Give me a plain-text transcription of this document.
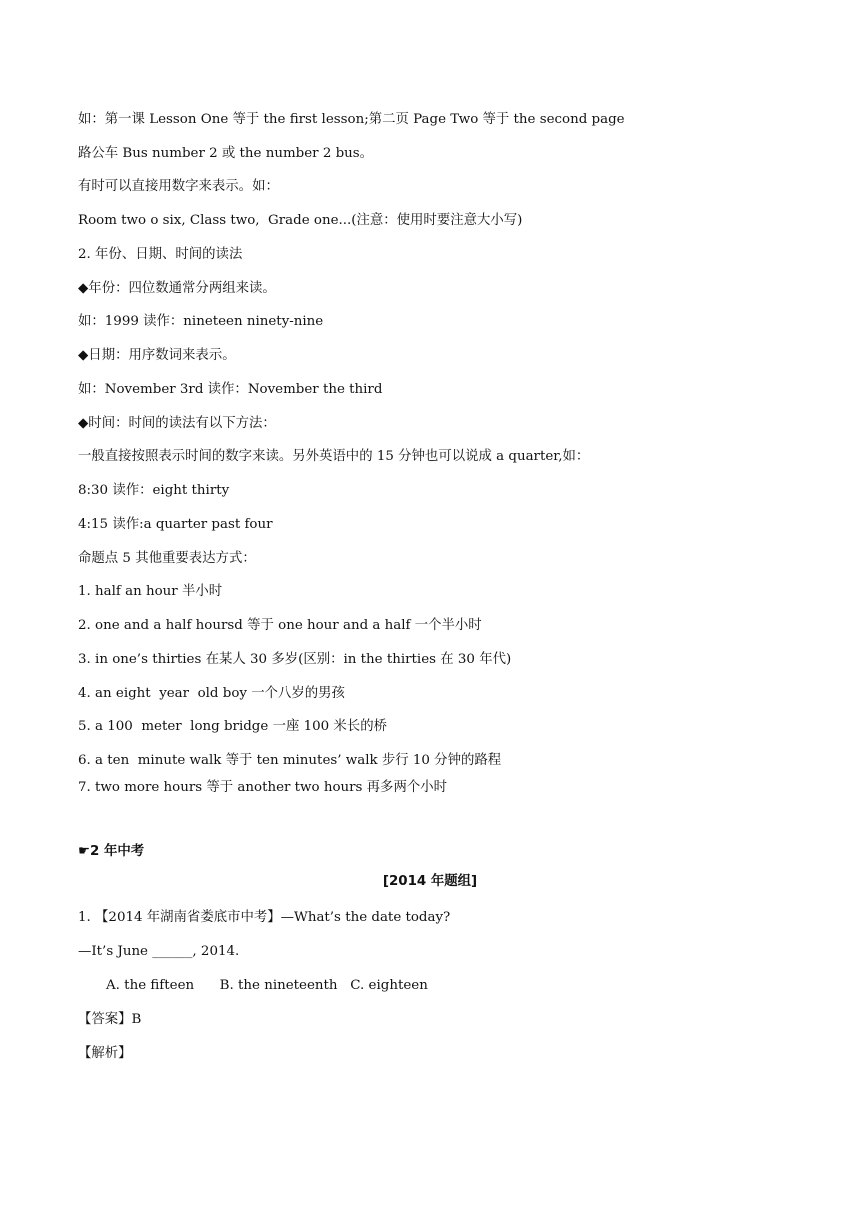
如：第一课 Lesson One 等于 the first lesson;第二页 Page Two 等于 the second page
路公车 Bus number 2 或 the number 2 bus。
有时可以直接用数字来表示。如：
Room two o six, Class two,  Grade one...(注意：使用时要注意大小写)
2. 年份、日期、时间的读法
◆年份：四位数通常分两组来读。
如：1999 读作：nineteen ninety-nine
◆日期：用序数词来表示。
如：November 3rd 读作：November the third
◆时间：时间的读法有以下方法：
一般直接按照表示时间的数字来读。另外英语中的 15 分钟也可以说成 a quarter,如：
8:30 读作：eight thirty
4:15 读作:a quarter past four
命题点 5 其他重要表达方式：
1. half an hour 半小时
2. one and a half hoursd 等于 one hour and a half 一个半小时
3. in one’s thirties 在某人 30 多岁(区别：in the thirties 在 30 年代)
4. an eight  year  old boy 一个八岁的男孩
5. a 100  meter  long bridge 一座 100 米长的桥
6. a ten  minute walk 等于 ten minutes’ walk 步行 10 分钟的路程
7. two more hours 等于 another two hours 再多两个小时
☛2 年中考
[2014 年题组]
1. 【2014 年湖南省娄底市中考】—What’s the date today?
—It’s June ______, 2014.
A. the fifteen      B. the nineteenth   C. eighteen
【答案】B
【解析】
